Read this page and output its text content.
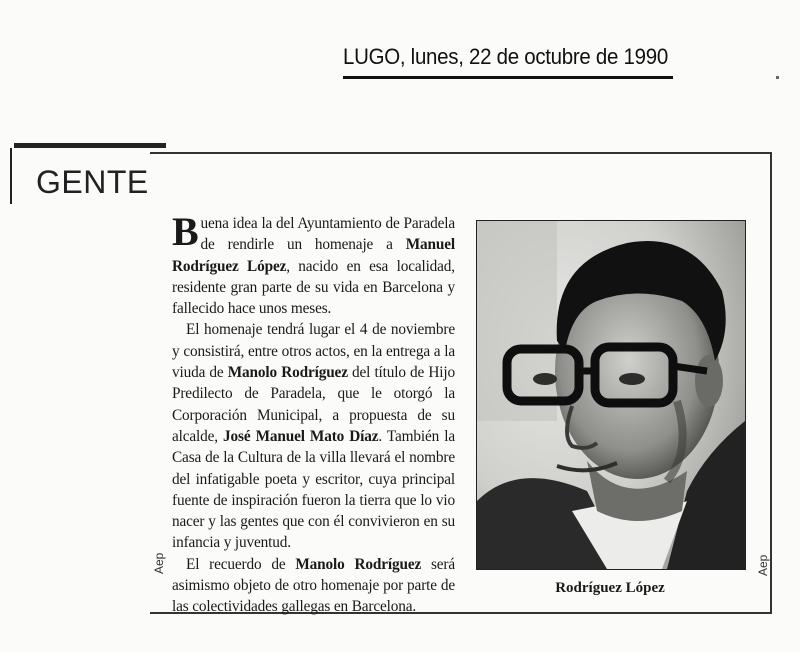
LUGO, lunes, 22 de octubre de 1990
GENTE

Buena idea la del Ayuntamiento de Paradela de rendirle un homenaje a Manuel Rodríguez López, nacido en esa localidad, residente gran parte de su vida en Barcelona y fallecido hace unos meses.

El homenaje tendrá lugar el 4 de noviembre y consistirá, entre otros actos, en la entrega a la viuda de Manolo Rodríguez del título de Hijo Predilecto de Paradela, que le otorgó la Corporación Municipal, a propuesta de su alcalde, José Manuel Mato Díaz. También la Casa de la Cultura de la villa llevará el nombre del infatigable poeta y escritor, cuya principal fuente de inspiración fueron la tierra que lo vio nacer y las gentes que con él convivieron en su infancia y juventud.

El recuerdo de Manolo Rodríguez será asimismo objeto de otro homenaje por parte de las colectividades gallegas en Barcelona.

Aep	Aep

Rodríguez López
